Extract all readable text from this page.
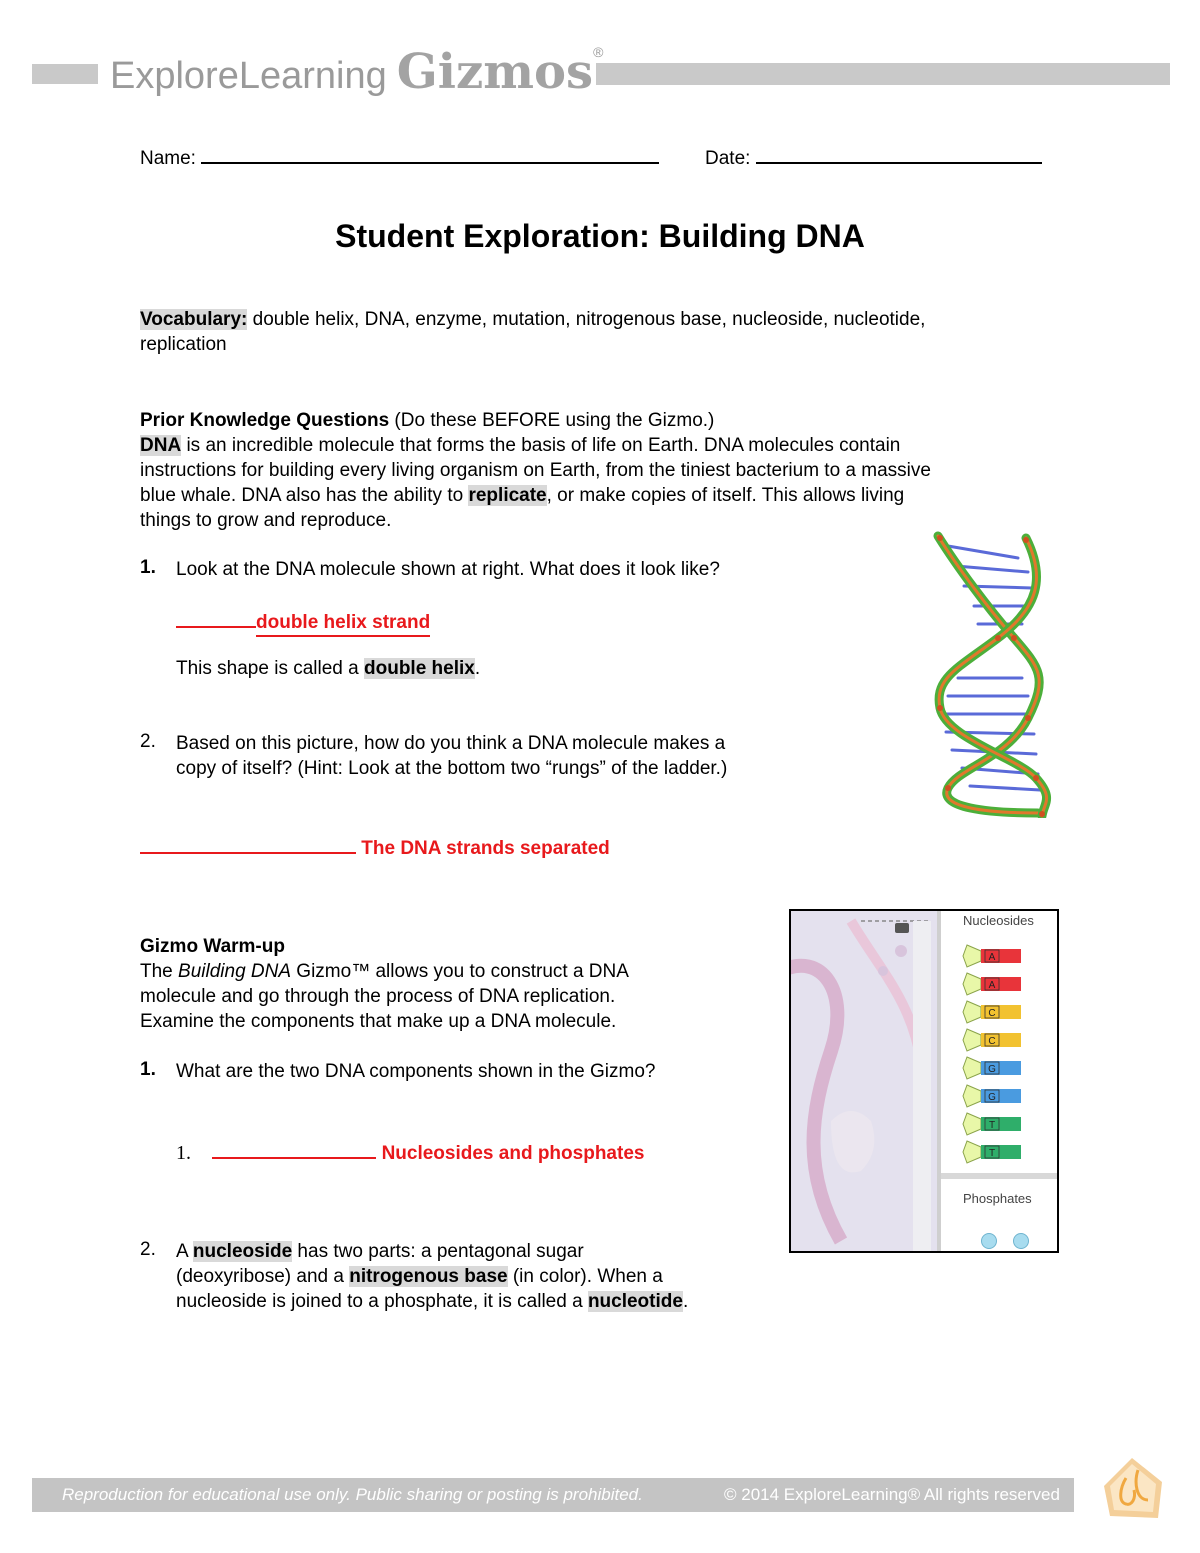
ExploreLearning Gizmos®
Name:	Date:
Student Exploration: Building DNA
Vocabulary: double helix, DNA, enzyme, mutation, nitrogenous base, nucleoside, nucleotide,
replication
Prior Knowledge Questions (Do these BEFORE using the Gizmo.)
DNA is an incredible molecule that forms the basis of life on Earth. DNA molecules contain
instructions for building every living organism on Earth, from the tiniest bacterium to a massive
blue whale. DNA also has the ability to replicate, or make copies of itself. This allows living
things to grow and reproduce.
1. Look at the DNA molecule shown at right. What does it look like?
double helix strand
This shape is called a double helix.
2. Based on this picture, how do you think a DNA molecule makes a
copy of itself? (Hint: Look at the bottom two “rungs” of the ladder.)
The DNA strands separated
Gizmo Warm-up
The Building DNA Gizmo™ allows you to construct a DNA
molecule and go through the process of DNA replication.
Examine the components that make up a DNA molecule.
1. What are the two DNA components shown in the Gizmo?
1.	Nucleosides and phosphates
2. A nucleoside has two parts: a pentagonal sugar
(deoxyribose) and a nitrogenous base (in color). When a
nucleoside is joined to a phosphate, it is called a nucleotide.
Nucleosides
A
A
C
C
G
G
T
T
Phosphates
Reproduction for educational use only. Public sharing or posting is prohibited.	© 2014 ExploreLearning® All rights reserved
